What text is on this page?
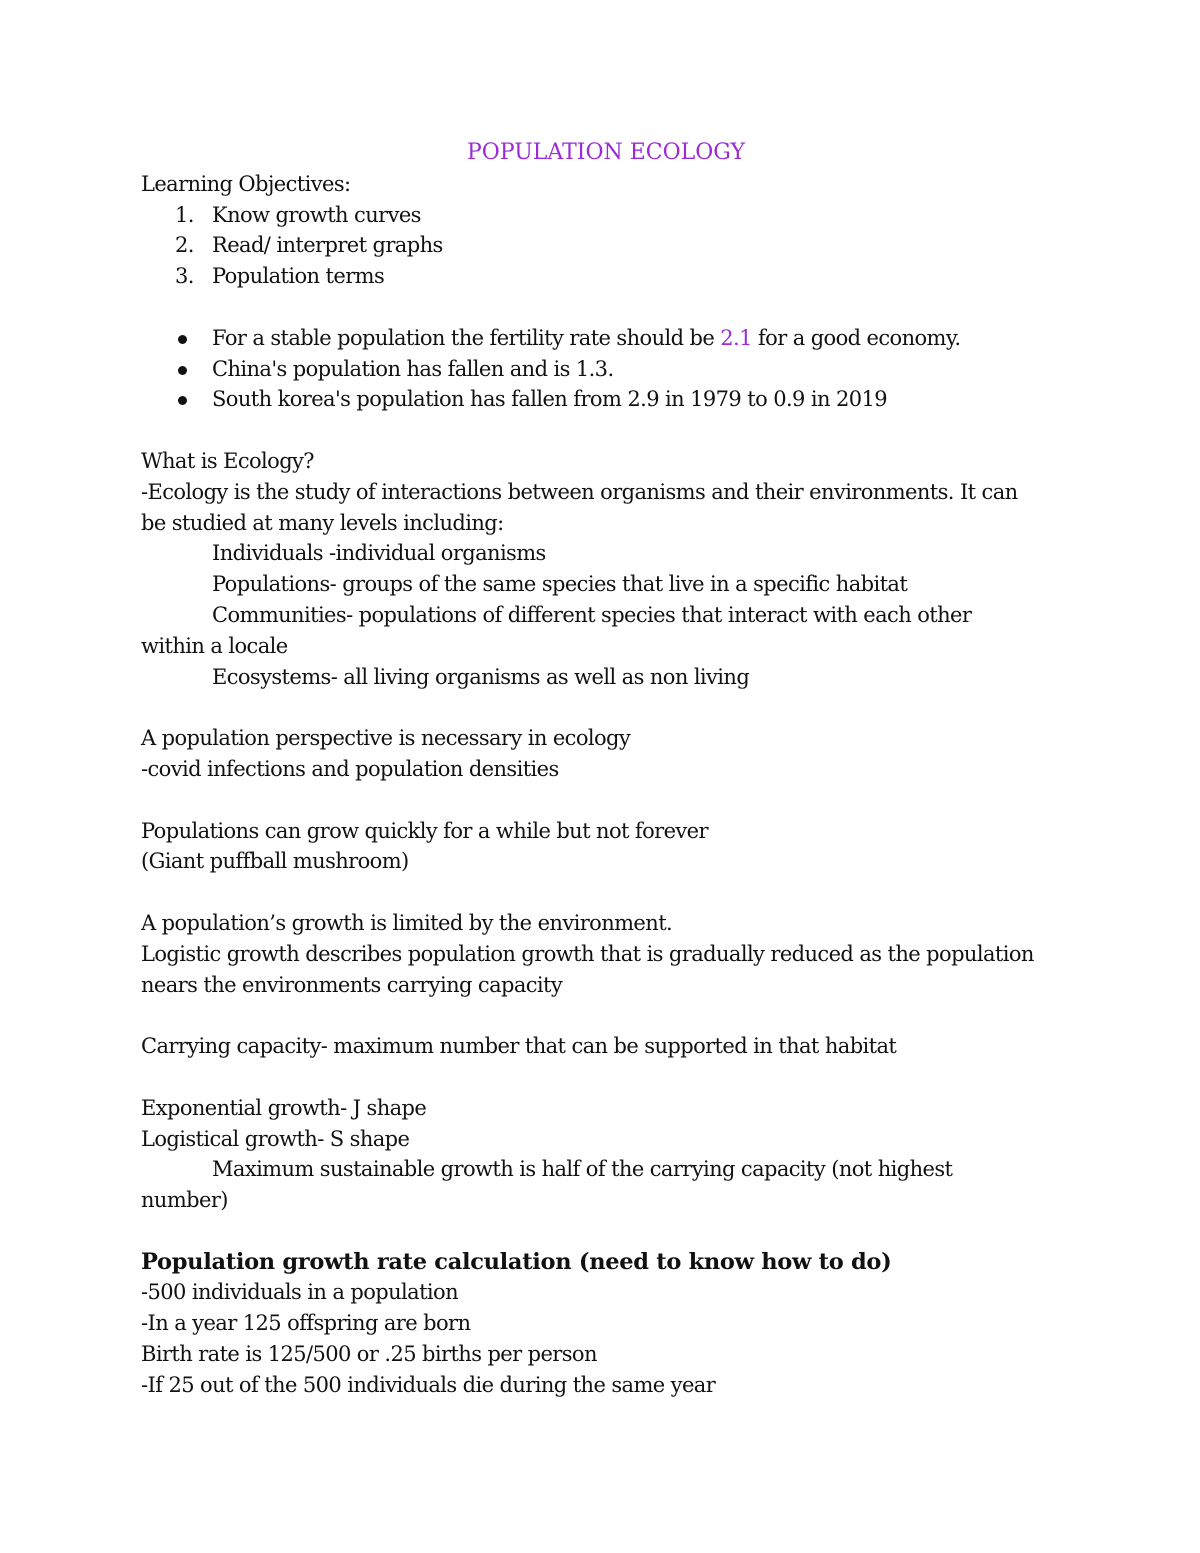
POPULATION ECOLOGY
Learning Objectives:
1. Know growth curves
2. Read/ interpret graphs
3. Population terms
For a stable population the fertility rate should be 2.1 for a good economy.
China's population has fallen and is 1.3.
South korea's population has fallen from 2.9 in 1979 to 0.9 in 2019
What is Ecology?
-Ecology is the study of interactions between organisms and their environments. It can
be studied at many levels including:
Individuals -individual organisms
Populations- groups of the same species that live in a specific habitat
Communities- populations of different species that interact with each other
within a locale
Ecosystems- all living organisms as well as non living
A population perspective is necessary in ecology
-covid infections and population densities
Populations can grow quickly for a while but not forever
(Giant puffball mushroom)
A population’s growth is limited by the environment.
Logistic growth describes population growth that is gradually reduced as the population
nears the environments carrying capacity
Carrying capacity- maximum number that can be supported in that habitat
Exponential growth- J shape
Logistical growth- S shape
Maximum sustainable growth is half of the carrying capacity (not highest
number)
Population growth rate calculation (need to know how to do)
-500 individuals in a population
-In a year 125 offspring are born
Birth rate is 125/500 or .25 births per person
-If 25 out of the 500 individuals die during the same year
